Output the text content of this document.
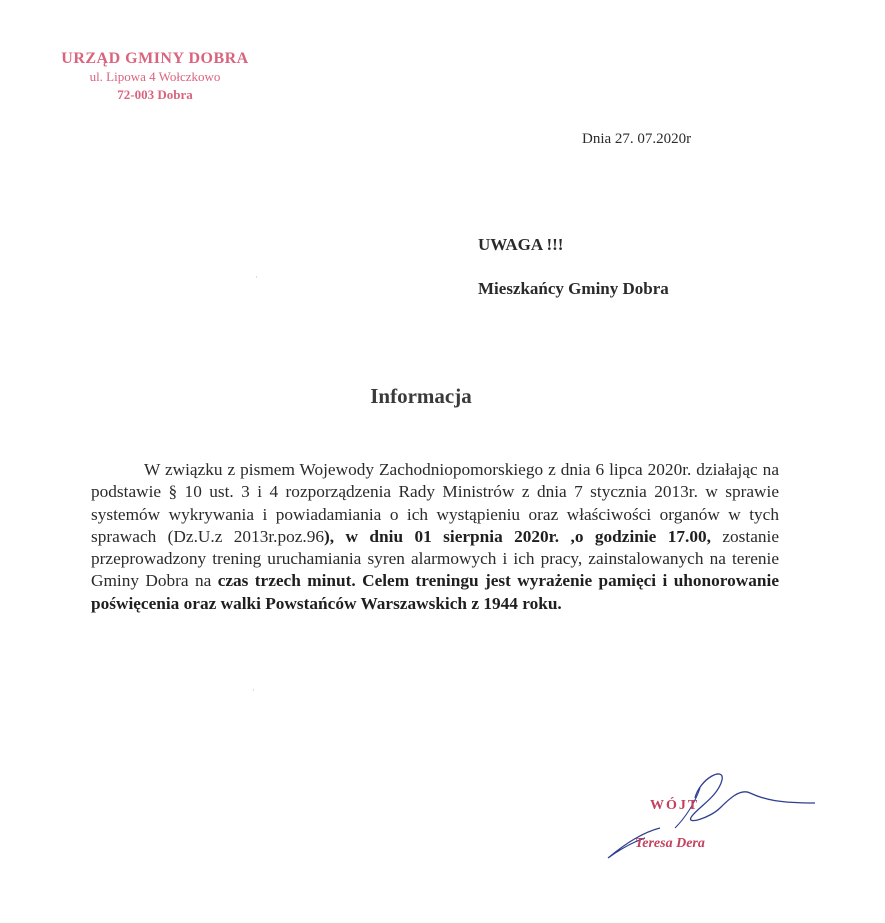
URZĄD GMINY DOBRA
ul. Lipowa 4 Wołczkowo
72-003 Dobra
Dnia 27. 07.2020r
UWAGA !!!
Mieszkańcy Gminy Dobra
Informacja
W związku z pismem Wojewody Zachodniopomorskiego z dnia 6 lipca 2020r. działając na podstawie § 10 ust. 3 i 4 rozporządzenia Rady Ministrów z dnia 7 stycznia 2013r. w sprawie systemów wykrywania i powiadamiania o ich wystąpieniu oraz właściwości organów w tych sprawach (Dz.U.z 2013r.poz.96), w dniu 01 sierpnia 2020r. ,o godzinie 17.00, zostanie przeprowadzony trening uruchamiania syren alarmowych i ich pracy, zainstalowanych na terenie Gminy Dobra na czas trzech minut. Celem treningu jest wyrażenie pamięci i uhonorowanie poświęcenia oraz walki Powstańców Warszawskich z 1944 roku.
WÓJT
Teresa Dera
·
·
